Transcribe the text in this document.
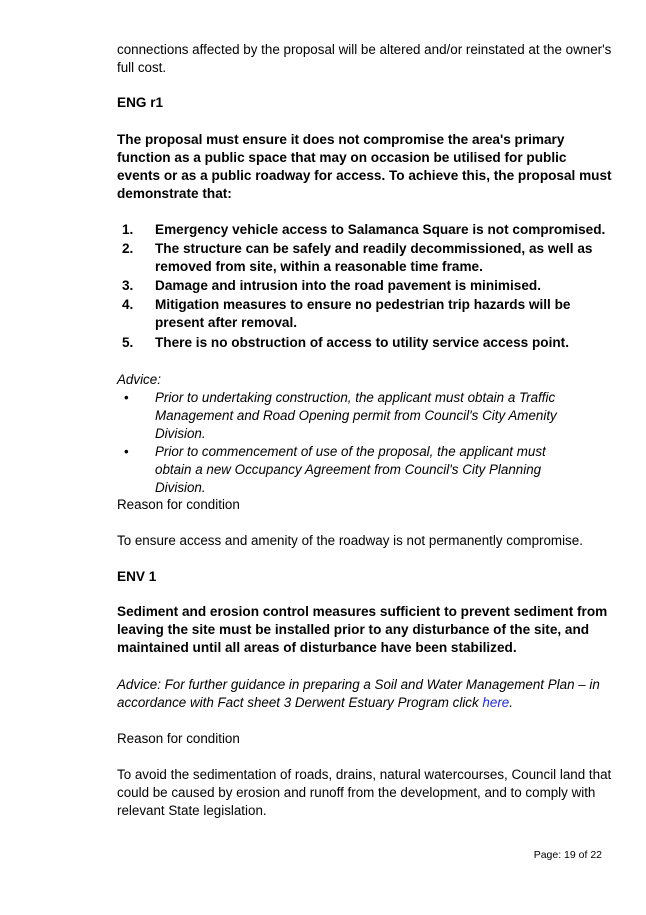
connections affected by the proposal will be altered and/or reinstated at the owner's full cost.

ENG r1

The proposal must ensure it does not compromise the area's primary function as a public space that may on occasion be utilised for public events or as a public roadway for access. To achieve this, the proposal must demonstrate that:

1. Emergency vehicle access to Salamanca Square is not compromised.
2. The structure can be safely and readily decommissioned, as well as removed from site, within a reasonable time frame.
3. Damage and intrusion into the road pavement is minimised.
4. Mitigation measures to ensure no pedestrian trip hazards will be present after removal.
5. There is no obstruction of access to utility service access point.

Advice:

• Prior to undertaking construction, the applicant must obtain a Traffic Management and Road Opening permit from Council's City Amenity Division.
• Prior to commencement of use of the proposal, the applicant must obtain a new Occupancy Agreement from Council's City Planning Division.

Reason for condition

To ensure access and amenity of the roadway is not permanently compromise.

ENV 1

Sediment and erosion control measures sufficient to prevent sediment from leaving the site must be installed prior to any disturbance of the site, and maintained until all areas of disturbance have been stabilized.

Advice: For further guidance in preparing a Soil and Water Management Plan – in accordance with Fact sheet 3 Derwent Estuary Program click here.

Reason for condition

To avoid the sedimentation of roads, drains, natural watercourses, Council land that could be caused by erosion and runoff from the development, and to comply with relevant State legislation.

Page: 19 of 22
